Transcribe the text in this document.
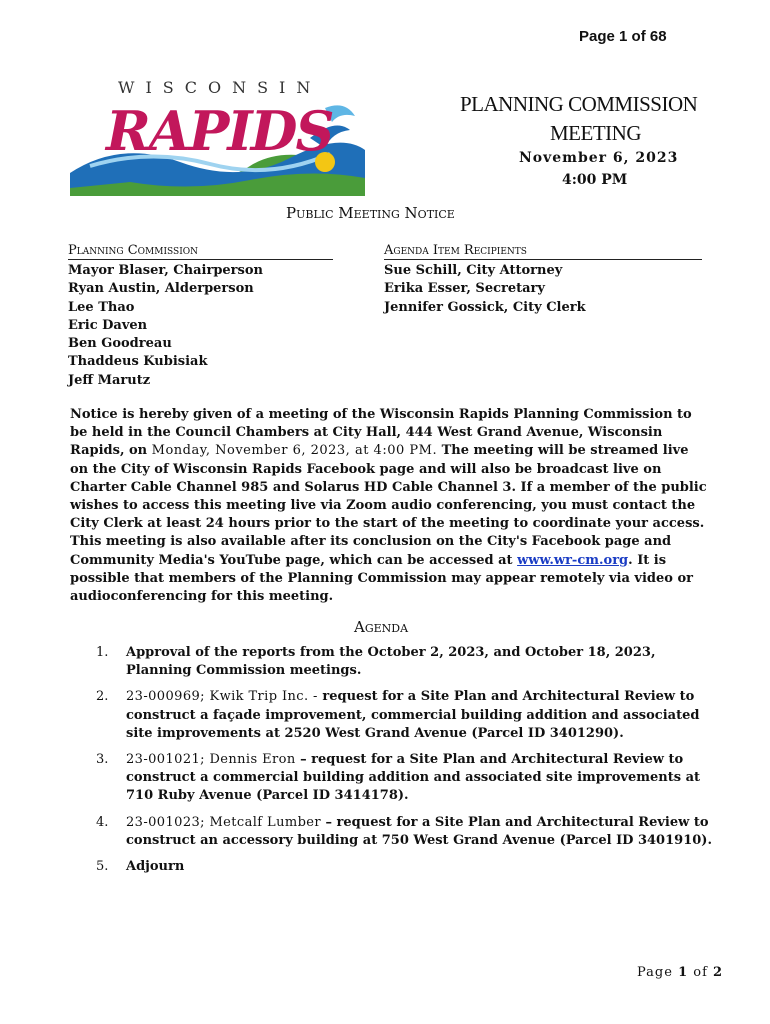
Page 1 of 68
RAPIDS
WISCONSIN
PLANNING COMMISSION
MEETING
November 6, 2023
4:00 PM
Public Meeting Notice
Planning Commission
Mayor Blaser, Chairperson
Ryan Austin, Alderperson
Lee Thao
Eric Daven
Ben Goodreau
Thaddeus Kubisiak
Jeff Marutz
Agenda Item Recipients
Sue Schill, City Attorney
Erika Esser, Secretary
Jennifer Gossick, City Clerk
Notice is hereby given of a meeting of the Wisconsin Rapids Planning Commission to be held in the Council Chambers at City Hall, 444 West Grand Avenue, Wisconsin Rapids, on Monday, November 6, 2023, at 4:00 PM. The meeting will be streamed live on the City of Wisconsin Rapids Facebook page and will also be broadcast live on Charter Cable Channel 985 and Solarus HD Cable Channel 3. If a member of the public wishes to access this meeting live via Zoom audio conferencing, you must contact the City Clerk at least 24 hours prior to the start of the meeting to coordinate your access. This meeting is also available after its conclusion on the City's Facebook page and Community Media's YouTube page, which can be accessed at www.wr-cm.org. It is possible that members of the Planning Commission may appear remotely via video or audioconferencing for this meeting.
Agenda
1.	Approval of the reports from the October 2, 2023, and October 18, 2023, Planning Commission meetings.
2.	23-000969; Kwik Trip Inc. - request for a Site Plan and Architectural Review to construct a façade improvement, commercial building addition and associated site improvements at 2520 West Grand Avenue (Parcel ID 3401290).
3.	23-001021; Dennis Eron – request for a Site Plan and Architectural Review to construct a commercial building addition and associated site improvements at 710 Ruby Avenue (Parcel ID 3414178).
4.	23-001023; Metcalf Lumber – request for a Site Plan and Architectural Review to construct an accessory building at 750 West Grand Avenue (Parcel ID 3401910).
5.	Adjourn
Page 1 of 2
